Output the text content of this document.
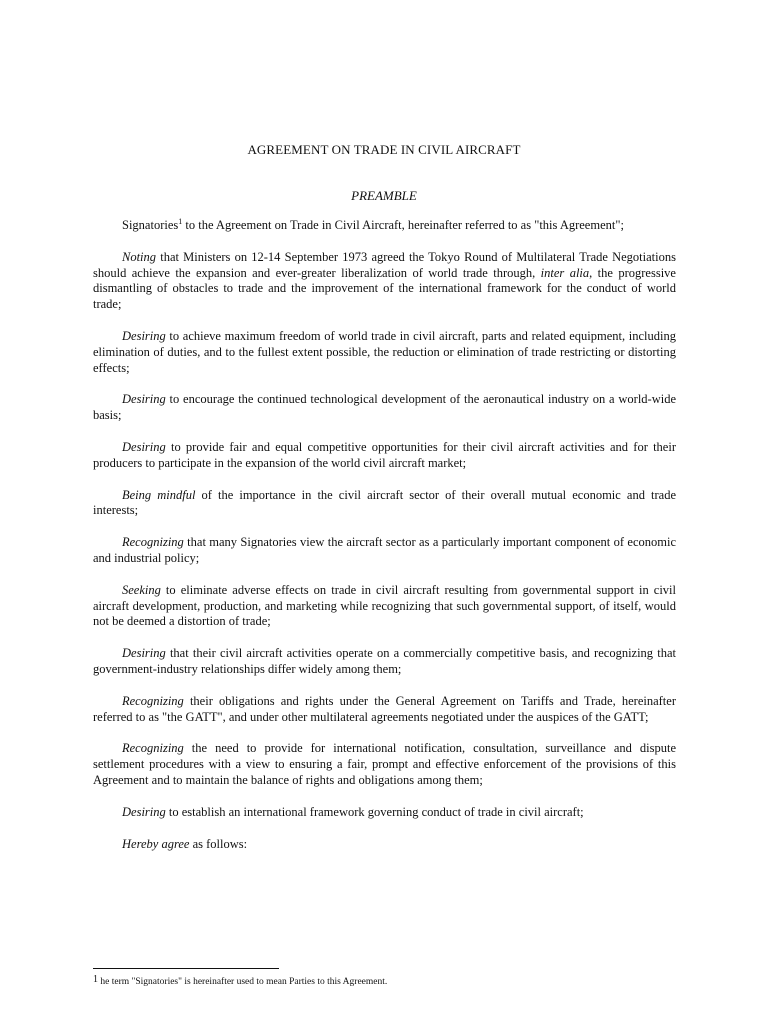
AGREEMENT ON TRADE IN CIVIL AIRCRAFT
PREAMBLE

Signatories$^1$ to the Agreement on Trade in Civil Aircraft, hereinafter referred to as "this Agreement";

Noting that Ministers on 12-14 September 1973 agreed the Tokyo Round of Multilateral Trade Negotiations should achieve the expansion and ever-greater liberalization of world trade through, inter alia, the progressive dismantling of obstacles to trade and the improvement of the international framework for the conduct of world trade;

Desiring to achieve maximum freedom of world trade in civil aircraft, parts and related equipment, including elimination of duties, and to the fullest extent possible, the reduction or elimination of trade restricting or distorting effects;

Desiring to encourage the continued technological development of the aeronautical industry on a world-wide basis;

Desiring to provide fair and equal competitive opportunities for their civil aircraft activities and for their producers to participate in the expansion of the world civil aircraft market;

Being mindful of the importance in the civil aircraft sector of their overall mutual economic and trade interests;

Recognizing that many Signatories view the aircraft sector as a particularly important component of economic and industrial policy;

Seeking to eliminate adverse effects on trade in civil aircraft resulting from governmental support in civil aircraft development, production, and marketing while recognizing that such governmental support, of itself, would not be deemed a distortion of trade;

Desiring that their civil aircraft activities operate on a commercially competitive basis, and recognizing that government-industry relationships differ widely among them;

Recognizing their obligations and rights under the General Agreement on Tariffs and Trade, hereinafter referred to as "the GATT", and under other multilateral agreements negotiated under the auspices of the GATT;

Recognizing the need to provide for international notification, consultation, surveillance and dispute settlement procedures with a view to ensuring a fair, prompt and effective enforcement of the provisions of this Agreement and to maintain the balance of rights and obligations among them;

Desiring to establish an international framework governing conduct of trade in civil aircraft;

Hereby agree as follows:

1 he term "Signatories" is hereinafter used to mean Parties to this Agreement.
